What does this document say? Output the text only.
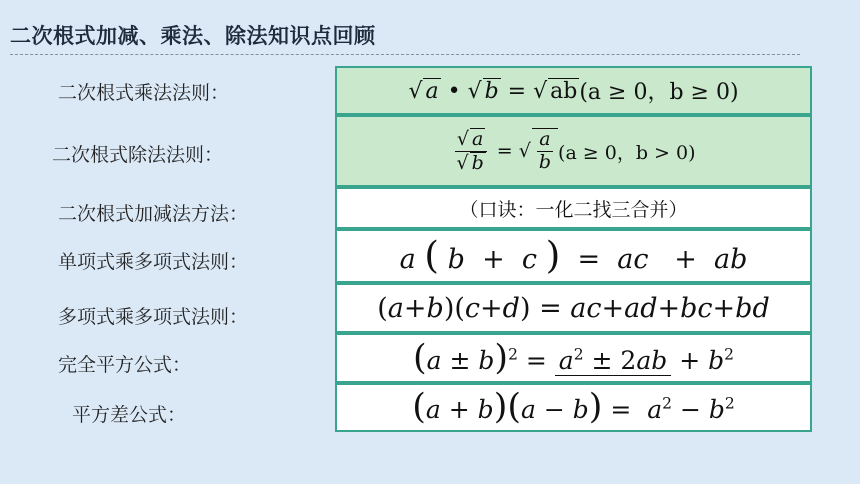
二次根式加减、乘法、除法知识点回顾
二次根式乘法法则：
二次根式除法法则：
二次根式加减法方法：
单项式乘多项式法则：
多项式乘多项式法则：
完全平方公式：
平方差公式：
√ a • √ b = √ ab (a ≥ 0，b ≥ 0)
$\frac{√ a}{√ b}$ = √ $\frac{a}{b} (a \ge 0$，b > 0)
（口诀：一化二找三合并）
a ( b  +  c )  =  ac   +  ab
(a+b)(c+d) = ac+ad+bc+bd
$(a \pm b)^2 = a^2 \pm 2ab + b^2$
$(a + b)(a - b) = a^2 - b^2$
